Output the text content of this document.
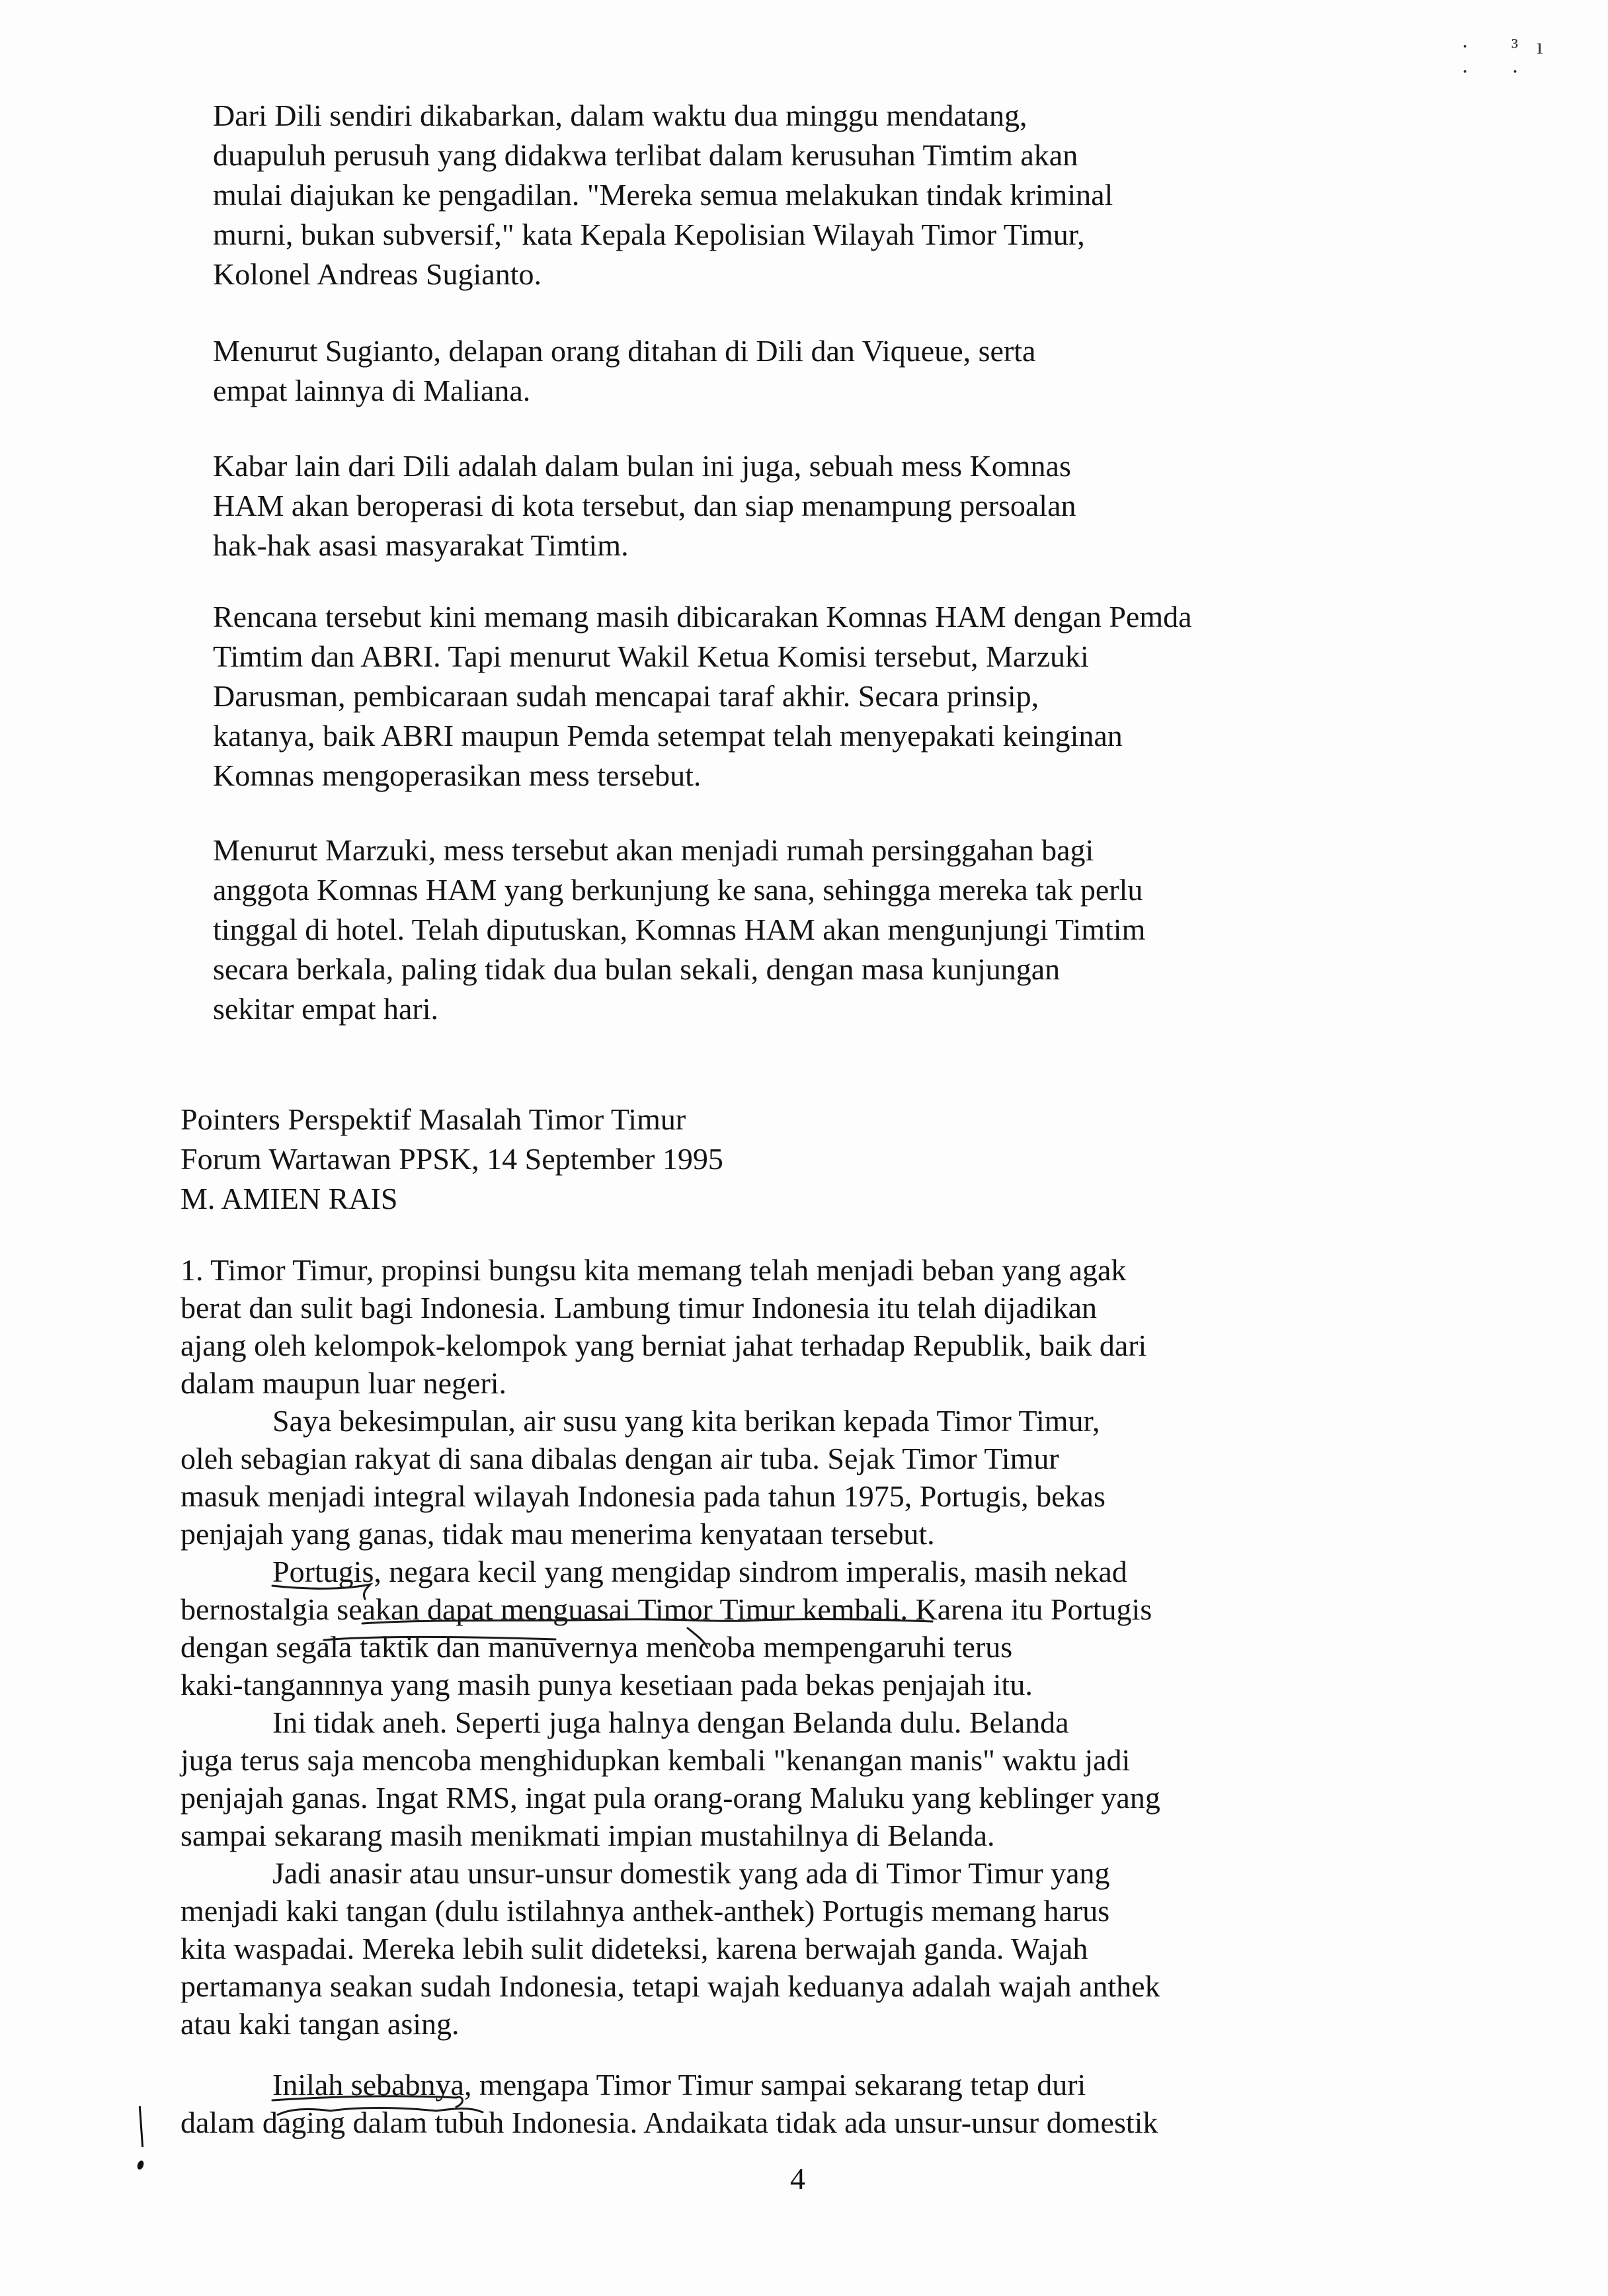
· ³ı · ·
Dari Dili sendiri dikabarkan, dalam waktu dua minggu mendatang,
duapuluh perusuh yang didakwa terlibat dalam kerusuhan Timtim akan
mulai diajukan ke pengadilan. "Mereka semua melakukan tindak kriminal
murni, bukan subversif," kata Kepala Kepolisian Wilayah Timor Timur,
Kolonel Andreas Sugianto.
Menurut Sugianto, delapan orang ditahan di Dili dan Viqueue, serta
empat lainnya di Maliana.
Kabar lain dari Dili adalah dalam bulan ini juga, sebuah mess Komnas
HAM akan beroperasi di kota tersebut, dan siap menampung persoalan
hak-hak asasi masyarakat Timtim.
Rencana tersebut kini memang masih dibicarakan Komnas HAM dengan Pemda
Timtim dan ABRI. Tapi menurut Wakil Ketua Komisi tersebut, Marzuki
Darusman, pembicaraan sudah mencapai taraf akhir. Secara prinsip,
katanya, baik ABRI maupun Pemda setempat telah menyepakati keinginan
Komnas mengoperasikan mess tersebut.
Menurut Marzuki, mess tersebut akan menjadi rumah persinggahan bagi
anggota Komnas HAM yang berkunjung ke sana, sehingga mereka tak perlu
tinggal di hotel. Telah diputuskan, Komnas HAM akan mengunjungi Timtim
secara berkala, paling tidak dua bulan sekali, dengan masa kunjungan
sekitar empat hari.
Pointers Perspektif Masalah Timor Timur
Forum Wartawan PPSK, 14 September 1995
M. AMIEN RAIS
1. Timor Timur, propinsi bungsu kita memang telah menjadi beban yang agak
berat dan sulit bagi Indonesia. Lambung timur Indonesia itu telah dijadikan
ajang oleh kelompok-kelompok yang berniat jahat terhadap Republik, baik dari
dalam maupun luar negeri.
Saya bekesimpulan, air susu yang kita berikan kepada Timor Timur,
oleh sebagian rakyat di sana dibalas dengan air tuba. Sejak Timor Timur
masuk menjadi integral wilayah Indonesia pada tahun 1975, Portugis, bekas
penjajah yang ganas, tidak mau menerima kenyataan tersebut.
Portugis, negara kecil yang mengidap sindrom imperalis, masih nekad
bernostalgia seakan dapat menguasai Timor Timur kembali. Karena itu Portugis
dengan segala taktik dan manuvernya mencoba mempengaruhi terus
kaki-tangannnya yang masih punya kesetiaan pada bekas penjajah itu.
Ini tidak aneh. Seperti juga halnya dengan Belanda dulu. Belanda
juga terus saja mencoba menghidupkan kembali "kenangan manis" waktu jadi
penjajah ganas. Ingat RMS, ingat pula orang-orang Maluku yang keblinger yang
sampai sekarang masih menikmati impian mustahilnya di Belanda.
Jadi anasir atau unsur-unsur domestik yang ada di Timor Timur yang
menjadi kaki tangan (dulu istilahnya anthek-anthek) Portugis memang harus
kita waspadai. Mereka lebih sulit dideteksi, karena berwajah ganda. Wajah
pertamanya seakan sudah Indonesia, tetapi wajah keduanya adalah wajah anthek
atau kaki tangan asing.
Inilah sebabnya, mengapa Timor Timur sampai sekarang tetap duri
dalam daging dalam tubuh Indonesia. Andaikata tidak ada unsur-unsur domestik
4
